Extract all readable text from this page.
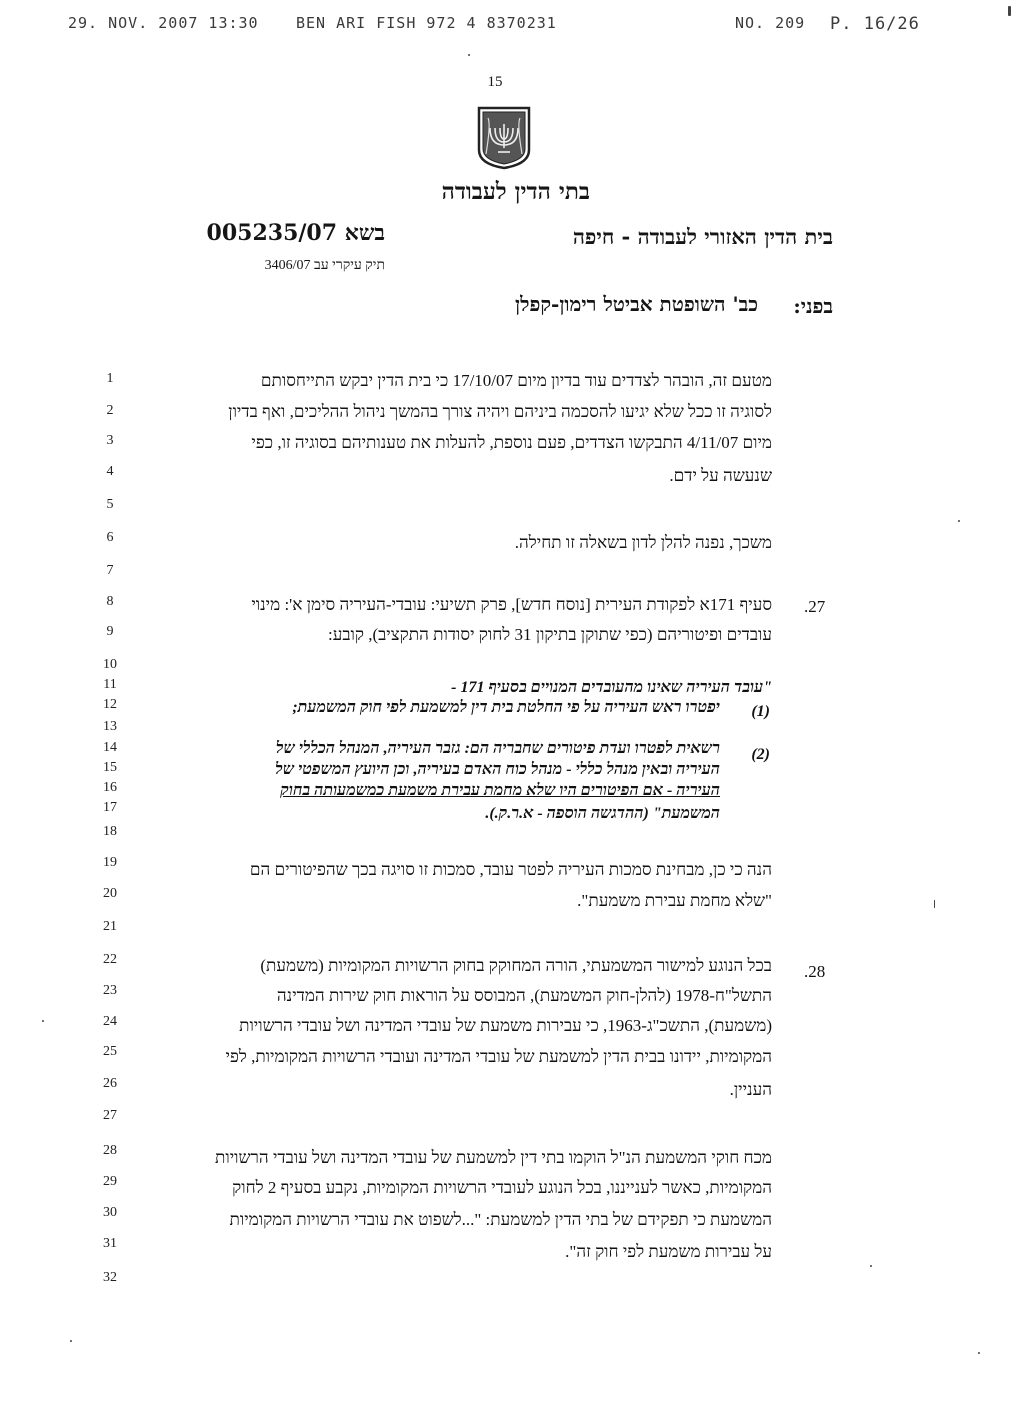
29. NOV. 2007 13:30 BEN ARI FISH 972 4 8370231	NO. 209 P. 16/26
15
בתי הדין לעבודה
בית הדין האזורי לעבודה - חיפה
בשא 005235/07
תיק עיקרי עב 3406/07
בפני:
כב' השופטת אביטל רימון-קפלן
1
2
3
4
5
6
7
8
9
10
11
12
13
14
15
16
17
18
19
20
21
22
23
24
25
26
27
28
29
30
31
32
מטעם זה, הובהר לצדדים עוד בדיון מיום 17/10/07 כי בית הדין יבקש התייחסותם
לסוגיה זו ככל שלא יגיעו להסכמה ביניהם ויהיה צורך בהמשך ניהול ההליכים, ואף בדיון
מיום 4/11/07 התבקשו הצדדים, פעם נוספת, להעלות את טענותיהם בסוגיה זו, כפי
שנעשה על ידם.
משכך, נפנה להלן לדון בשאלה זו תחילה.
.27
סעיף 171א לפקודת העירית [נוסח חדש], פרק תשיעי: עובדי-העיריה סימן א': מינוי
עובדים ופיטוריהם (כפי שתוקן בתיקון 31 לחוק יסודות התקציב), קובע:
"עובד העיריה שאינו מהעובדים המנויים בסעיף 171 -
(1)
יפטרו ראש העיריה על פי החלטת בית דין למשמעת לפי חוק המשמעת;
(2)
רשאית לפטרו ועדת פיטורים שחבריה הם: גזבר העיריה, המנהל הכללי של
העיריה ובאין מנהל כללי - מנהל כוח האדם בעיריה, וכן היועץ המשפטי של
העיריה - אם הפיטורים היו שלא מחמת עבירת משמעת כמשמעותה בחוק
המשמעת" (ההדגשה הוספה - א.ר.ק.).
הנה כי כן, מבחינת סמכות העיריה לפטר עובד, סמכות זו סויגה בכך שהפיטורים הם
"שלא מחמת עבירת משמעת".
.28
בכל הנוגע למישור המשמעתי, הורה המחוקק בחוק הרשויות המקומיות (משמעת)
התשל"ח-1978 (להלן-חוק המשמעת), המבוסס על הוראות חוק שירות המדינה
(משמעת), התשכ"ג-1963, כי עבירות משמעת של עובדי המדינה ושל עובדי הרשויות
המקומיות, יידונו בבית הדין למשמעת של עובדי המדינה ועובדי הרשויות המקומיות, לפי
העניין.
מכח חוקי המשמעת הנ"ל הוקמו בתי דין למשמעת של עובדי המדינה ושל עובדי הרשויות
המקומיות, כאשר לענייננו, בכל הנוגע לעובדי הרשויות המקומיות, נקבע בסעיף 2 לחוק
המשמעת כי תפקידם של בתי הדין למשמעת: "...לשפוט את עובדי הרשויות המקומיות
על עבירות משמעת לפי חוק זה".
